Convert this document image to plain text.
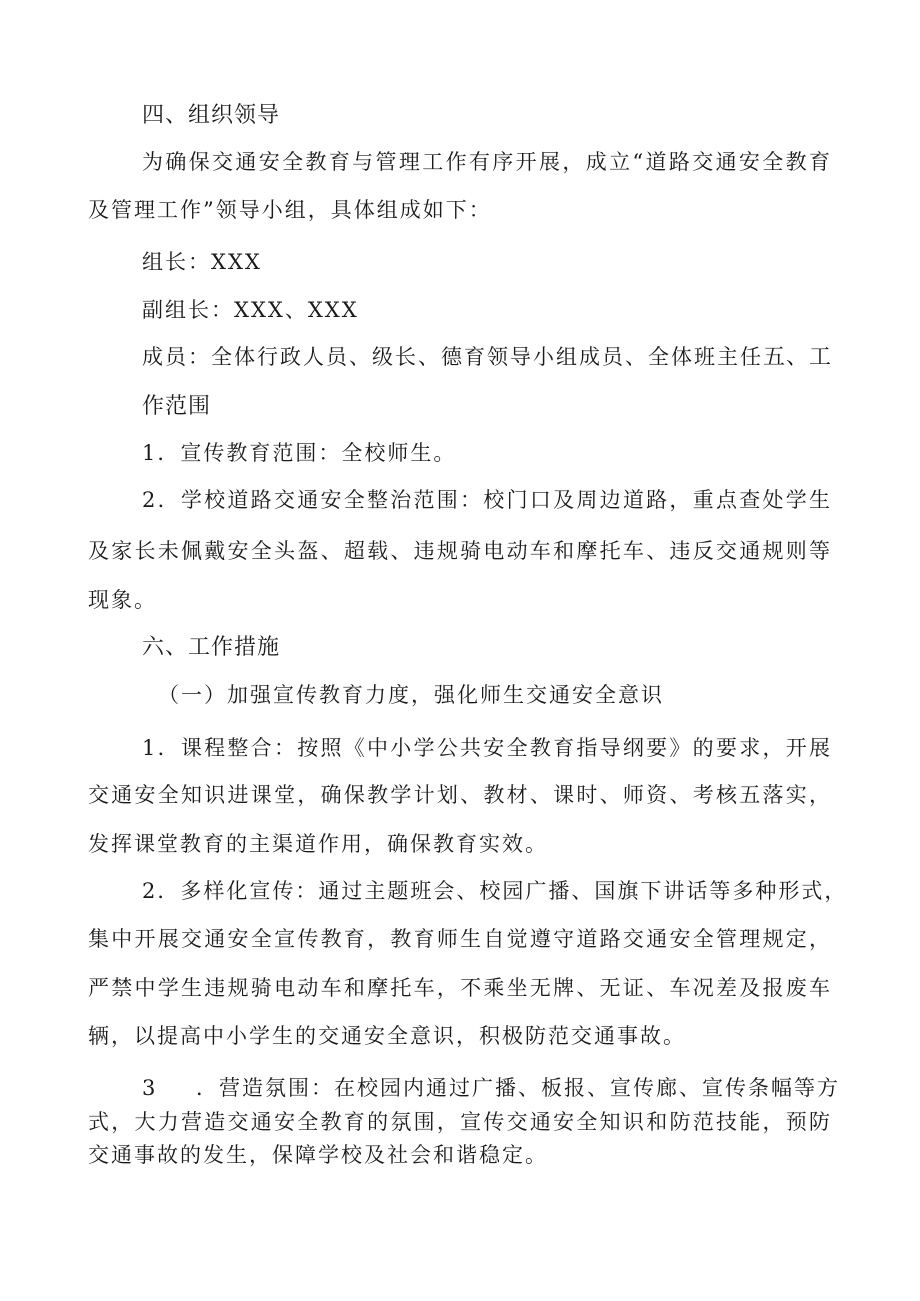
四、组织领导
为确保交通安全教育与管理工作有序开展，成立“道路交通安全教育
及管理工作”领导小组，具体组成如下：
组长：XXX
副组长：XXX、XXX
成员：全体行政人员、级长、德育领导小组成员、全体班主任五、工
作范围
1．宣传教育范围：全校师生。
2．学校道路交通安全整治范围：校门口及周边道路，重点查处学生
及家长未佩戴安全头盔、超载、违规骑电动车和摩托车、违反交通规则等
现象。
六、工作措施
（一）加强宣传教育力度，强化师生交通安全意识
1．课程整合：按照《中小学公共安全教育指导纲要》的要求，开展
交通安全知识进课堂，确保教学计划、教材、课时、师资、考核五落实，
发挥课堂教育的主渠道作用，确保教育实效。
2．多样化宣传：通过主题班会、校园广播、国旗下讲话等多种形式，
集中开展交通安全宣传教育，教育师生自觉遵守道路交通安全管理规定，
严禁中学生违规骑电动车和摩托车，不乘坐无牌、无证、车况差及报废车
辆，以提高中小学生的交通安全意识，积极防范交通事故。
3 ．营造氛围：在校园内通过广播、板报、宣传廊、宣传条幅等方
式，大力营造交通安全教育的氛围，宣传交通安全知识和防范技能，预防
交通事故的发生，保障学校及社会和谐稳定。
